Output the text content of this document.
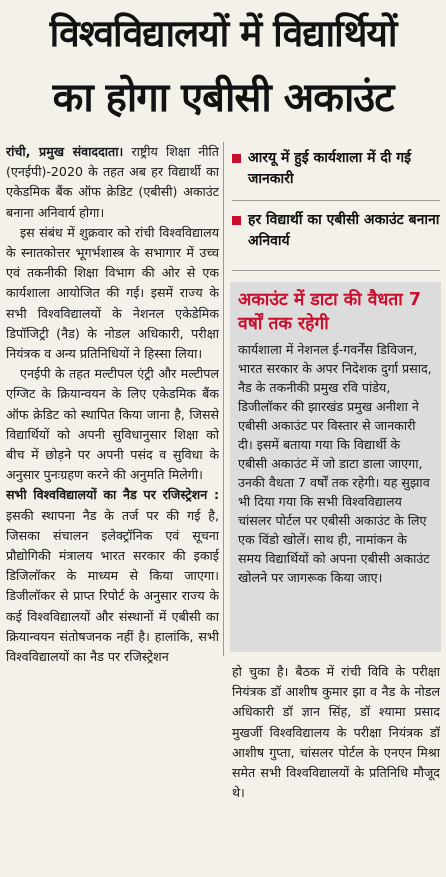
विश्वविद्यालयों में विद्यार्थियों
का होगा एबीसी अकाउंट

रांची, प्रमुख संवाददाता। राष्ट्रीय शिक्षा नीति (एनईपी)-2020 के तहत अब हर विद्यार्थी का एकेडमिक बैंक ऑफ क्रेडिट (एबीसी) अकाउंट बनाना अनिवार्य होगा।

इस संबंध में शुक्रवार को रांची विश्वविद्यालय के स्नातकोत्तर भूगर्भशास्त्र के सभागार में उच्च एवं तकनीकी शिक्षा विभाग की ओर से एक कार्यशाला आयोजित की गई। इसमें राज्य के सभी विश्वविद्यालयों के नेशनल एकेडेमिक डिपॉजिट्री (नैड) के नोडल अधिकारी, परीक्षा नियंत्रक व अन्य प्रतिनिधियों ने हिस्सा लिया।

एनईपी के तहत मल्टीपल एंट्री और मल्टीपल एग्जिट के क्रियान्वयन के लिए एकेडमिक बैंक ऑफ क्रेडिट को स्थापित किया जाना है, जिससे विद्यार्थियों को अपनी सुविधानुसार शिक्षा को बीच में छोड़ने पर अपनी पसंद व सुविधा के अनुसार पुनःग्रहण करने की अनुमति मिलेगी।

सभी विश्वविद्यालयों का नैड पर रजिस्ट्रेशन : इसकी स्थापना नैड के तर्ज पर की गई है, जिसका संचालन इलेक्ट्रॉनिक एवं सूचना प्रौद्योगिकी मंत्रालय भारत सरकार की इकाई डिजिलॉकर के माध्यम से किया जाएगा। डिजीलॉकर से प्राप्त रिपोर्ट के अनुसार राज्य के कई विश्वविद्यालयों और संस्थानों में एबीसी का क्रियान्वयन संतोषजनक नहीं है। हालांकि, सभी विश्वविद्यालयों का नैड पर रजिस्ट्रेशन

आरयू में हुई कार्यशाला में दी गई जानकारी
हर विद्यार्थी का एबीसी अकाउंट बनाना अनिवार्य
अकाउंट में डाटा की वैधता 7 वर्षों तक रहेगी
कार्यशाला में नेशनल ई-गवर्नेंस डिविजन, भारत सरकार के अपर निदेशक दुर्गा प्रसाद, नैड के तकनीकी प्रमुख रवि पांडेय, डिजीलॉकर की झारखंड प्रमुख अनीशा ने एबीसी अकाउंट पर विस्तार से जानकारी दी। इसमें बताया गया कि विद्यार्थी के एबीसी अकाउंट में जो डाटा डाला जाएगा, उनकी वैधता 7 वर्षों तक रहेगी। यह सुझाव भी दिया गया कि सभी विश्वविद्यालय चांसलर पोर्टल पर एबीसी अकाउंट के लिए एक विंडो खोलें। साथ ही, नामांकन के समय विद्यार्थियों को अपना एबीसी अकाउंट खोलने पर जागरूक किया जाए।

हो चुका है। बैठक में रांची विवि के परीक्षा नियंत्रक डॉ आशीष कुमार झा व नैड के नोडल अधिकारी डॉ ज्ञान सिंह, डॉ श्यामा प्रसाद मुखर्जी विश्वविद्यालय के परीक्षा नियंत्रक डॉ आशीष गुप्ता, चांसलर पोर्टल के एनएन मिश्रा समेत सभी विश्वविद्यालयों के प्रतिनिधि मौजूद थे।
